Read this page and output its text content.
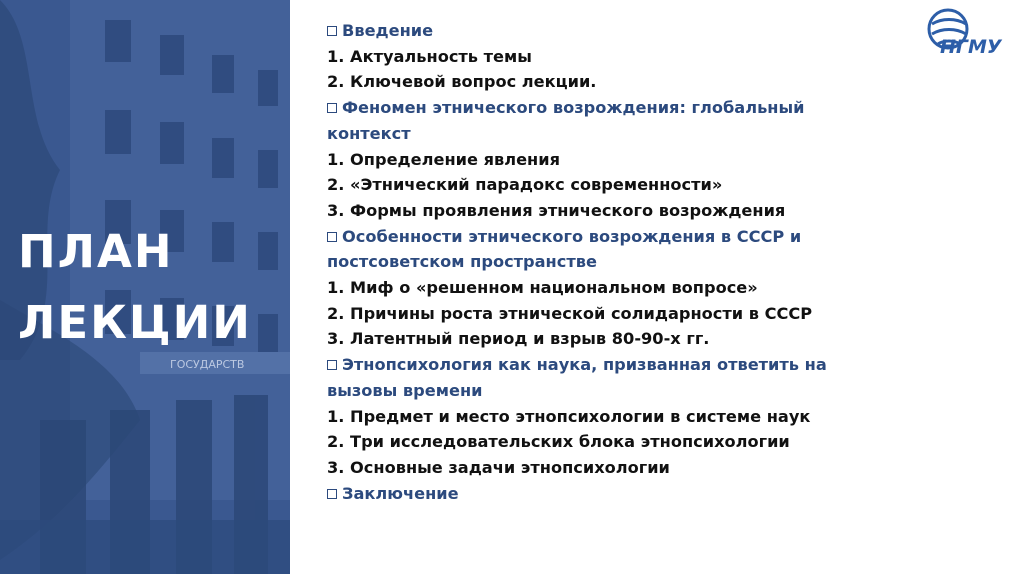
ГОСУДАРСТВ
ПЛАН
ЛЕКЦИИ
Введение
1. Актуальность темы
2. Ключевой вопрос лекции.
Феномен этнического возрождения: глобальный
контекст
1. Определение явления
2. «Этнический парадокс современности»
3. Формы проявления этнического возрождения
Особенности этнического возрождения в СССР и
постсоветском пространстве
1. Миф о «решенном национальном вопросе»
2. Причины роста этнической солидарности в СССР
3. Латентный период и взрыв 80-90-х гг.
Этнопсихология как наука, призванная ответить на
вызовы времени
1. Предмет и место этнопсихологии в системе наук
2. Три исследовательских блока этнопсихологии
3. Основные задачи этнопсихологии
Заключение
НГМУ
